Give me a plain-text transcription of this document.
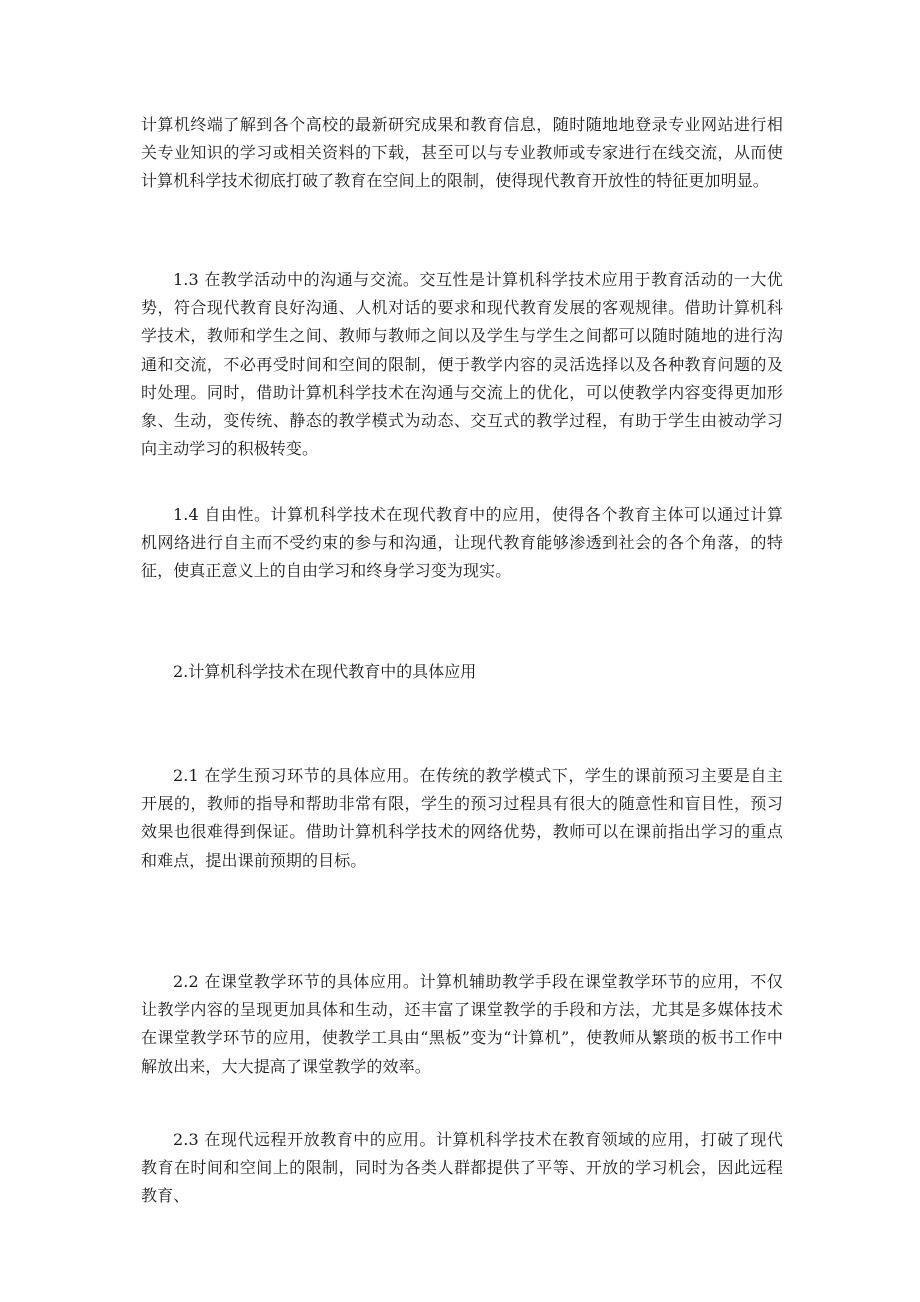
计算机终端了解到各个高校的最新研究成果和教育信息，随时随地地登录专业网站进行相关专业知识的学习或相关资料的下载，甚至可以与专业教师或专家进行在线交流，从而使计算机科学技术彻底打破了教育在空间上的限制，使得现代教育开放性的特征更加明显。

1.3 在教学活动中的沟通与交流。交互性是计算机科学技术应用于教育活动的一大优势，符合现代教育良好沟通、人机对话的要求和现代教育发展的客观规律。借助计算机科学技术，教师和学生之间、教师与教师之间以及学生与学生之间都可以随时随地的进行沟通和交流，不必再受时间和空间的限制，便于教学内容的灵活选择以及各种教育问题的及时处理。同时，借助计算机科学技术在沟通与交流上的优化，可以使教学内容变得更加形象、生动，变传统、静态的教学模式为动态、交互式的教学过程，有助于学生由被动学习向主动学习的积极转变。

1.4 自由性。计算机科学技术在现代教育中的应用，使得各个教育主体可以通过计算机网络进行自主而不受约束的参与和沟通，让现代教育能够渗透到社会的各个角落，的特征，使真正意义上的自由学习和终身学习变为现实。

2.计算机科学技术在现代教育中的具体应用

2.1 在学生预习环节的具体应用。在传统的教学模式下，学生的课前预习主要是自主开展的，教师的指导和帮助非常有限，学生的预习过程具有很大的随意性和盲目性，预习效果也很难得到保证。借助计算机科学技术的网络优势，教师可以在课前指出学习的重点和难点，提出课前预期的目标。

2.2 在课堂教学环节的具体应用。计算机辅助教学手段在课堂教学环节的应用，不仅让教学内容的呈现更加具体和生动，还丰富了课堂教学的手段和方法，尤其是多媒体技术在课堂教学环节的应用，使教学工具由“黑板”变为“计算机”，使教师从繁琐的板书工作中解放出来，大大提高了课堂教学的效率。

2.3 在现代远程开放教育中的应用。计算机科学技术在教育领域的应用，打破了现代教育在时间和空间上的限制，同时为各类人群都提供了平等、开放的学习机会，因此远程教育、
